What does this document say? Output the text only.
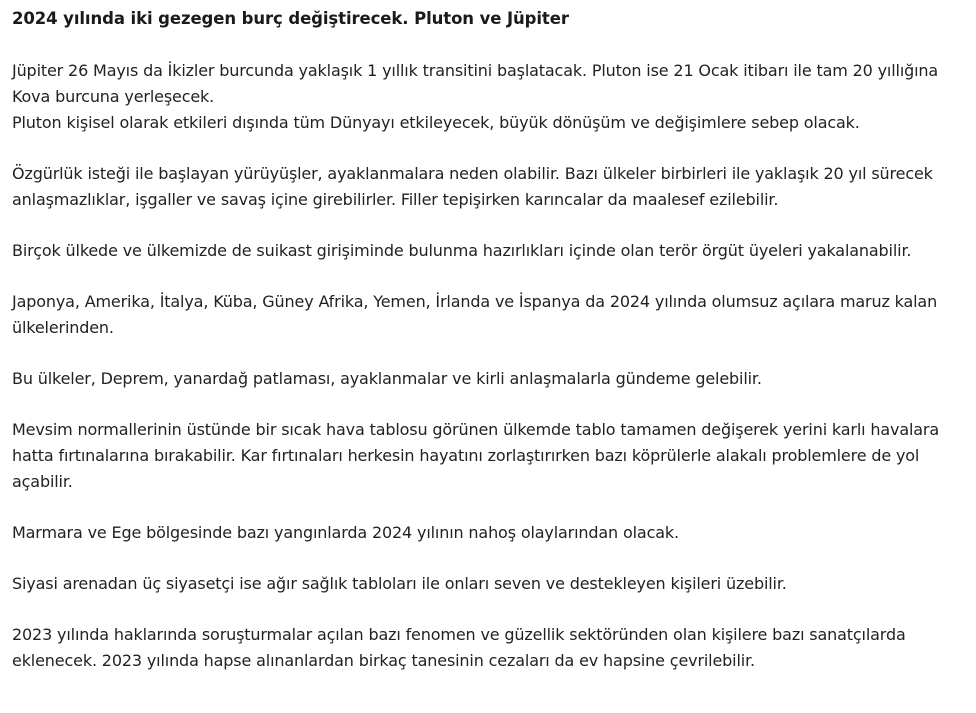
2024 yılında iki gezegen burç değiştirecek. Pluton ve Jüpiter
Jüpiter 26 Mayıs da İkizler burcunda yaklaşık 1 yıllık transitini başlatacak. Pluton ise 21 Ocak itibarı ile tam 20 yıllığına Kova burcuna yerleşecek.
Pluton kişisel olarak etkileri dışında tüm Dünyayı etkileyecek, büyük dönüşüm ve değişimlere sebep olacak.
Özgürlük isteği ile başlayan yürüyüşler, ayaklanmalara neden olabilir. Bazı ülkeler birbirleri ile yaklaşık 20 yıl sürecek anlaşmazlıklar, işgaller ve savaş içine girebilirler. Filler tepişirken karıncalar da maalesef ezilebilir.
Birçok ülkede ve ülkemizde de suikast girişiminde bulunma hazırlıkları içinde olan terör örgüt üyeleri yakalanabilir.
Japonya, Amerika, İtalya, Küba, Güney Afrika, Yemen, İrlanda ve İspanya da 2024 yılında olumsuz açılara maruz kalan ülkelerinden.
Bu ülkeler, Deprem, yanardağ patlaması, ayaklanmalar ve kirli anlaşmalarla gündeme gelebilir.
Mevsim normallerinin üstünde bir sıcak hava tablosu görünen ülkemde tablo tamamen değişerek yerini karlı havalara hatta fırtınalarına bırakabilir. Kar fırtınaları herkesin hayatını zorlaştırırken bazı köprülerle alakalı problemlere de yol açabilir.
Marmara ve Ege bölgesinde bazı yangınlarda 2024 yılının nahoş olaylarından olacak.
Siyasi arenadan üç siyasetçi ise ağır sağlık tabloları ile onları seven ve destekleyen kişileri üzebilir.
2023 yılında haklarında soruşturmalar açılan bazı fenomen ve güzellik sektöründen olan kişilere bazı sanatçılarda eklenecek. 2023 yılında hapse alınanlardan birkaç tanesinin cezaları da ev hapsine çevrilebilir.
